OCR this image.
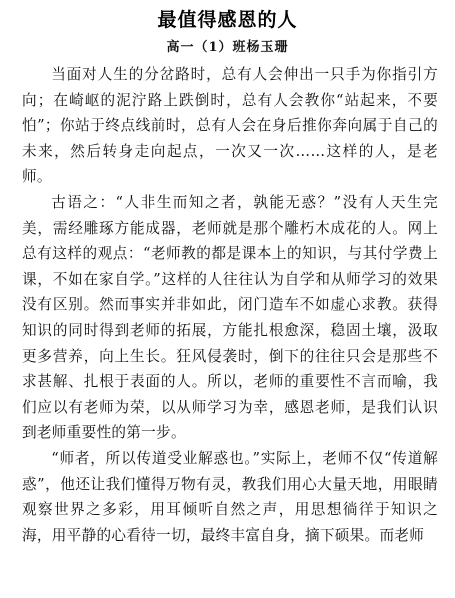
最值得感恩的人
高一（1）班杨玉珊

当面对人生的分岔路时，总有人会伸出一只手为你指引方向；在崎岖的泥泞路上跌倒时，总有人会教你“站起来，不要怕”；你站于终点线前时，总有人会在身后推你奔向属于自己的未来，然后转身走向起点，一次又一次……这样的人，是老师。

古语之：“人非生而知之者，孰能无惑？”没有人天生完美，需经雕琢方能成器，老师就是那个雕朽木成花的人。网上总有这样的观点：“老师教的都是课本上的知识，与其付学费上课，不如在家自学。”这样的人往往认为自学和从师学习的效果没有区别。然而事实并非如此，闭门造车不如虚心求教。获得知识的同时得到老师的拓展，方能扎根愈深，稳固土壤，汲取更多营养，向上生长。狂风侵袭时，倒下的往往只会是那些不求甚解、扎根于表面的人。所以，老师的重要性不言而喻，我们应以有老师为荣，以从师学习为幸，感恩老师，是我们认识到老师重要性的第一步。

“师者，所以传道受业解惑也。”实际上，老师不仅“传道解惑”，他还让我们懂得万物有灵，教我们用心大量天地，用眼睛观察世界之多彩，用耳倾听自然之声，用思想徜徉于知识之海，用平静的心看待一切，最终丰富自身，摘下硕果。而老师
